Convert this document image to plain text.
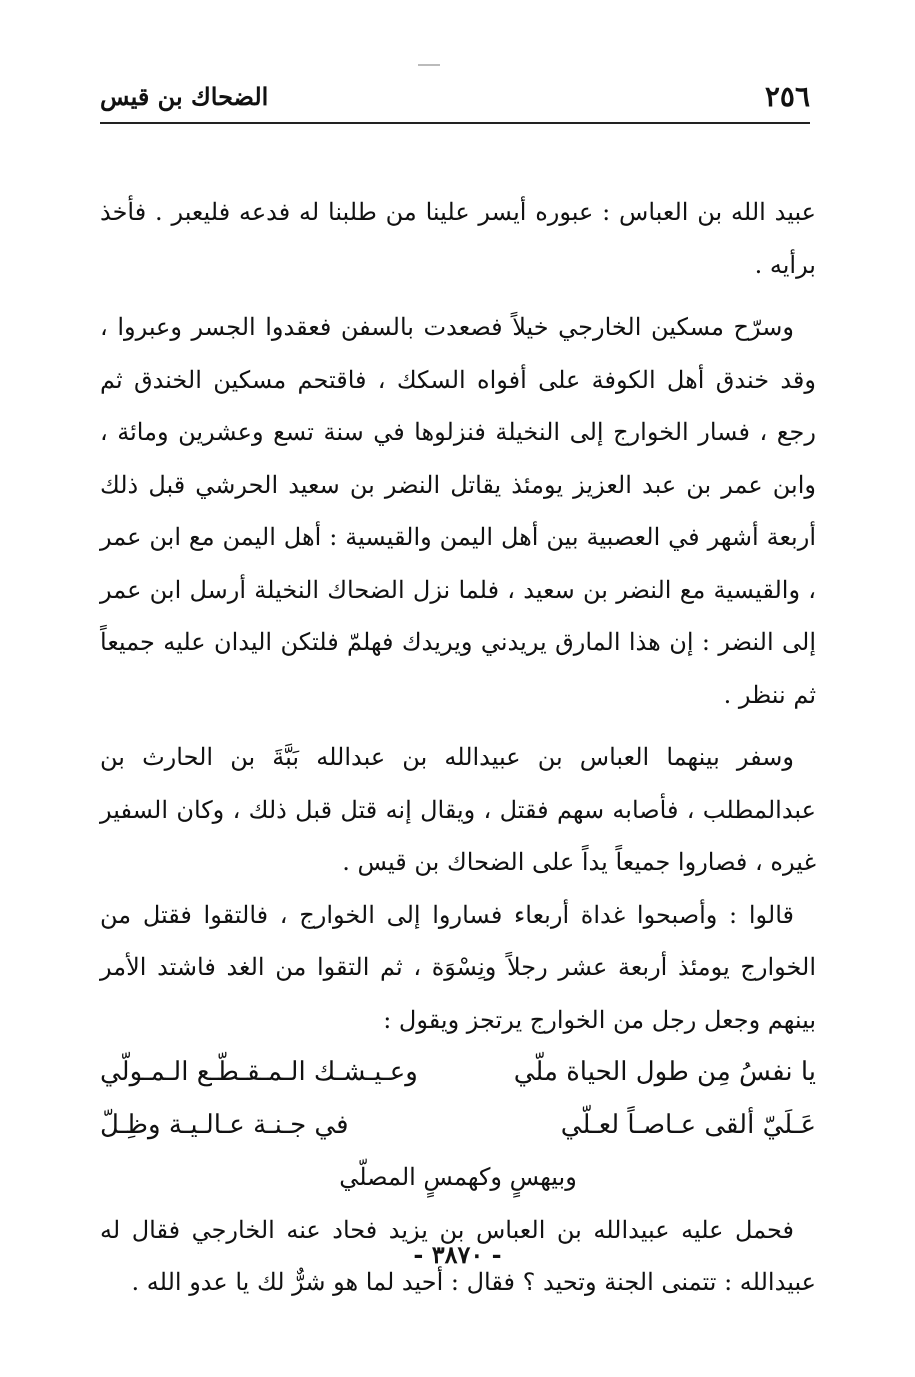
٢٥٦
الضحاك بن قيس

عبيد الله بن العباس : عبوره أيسر علينا من طلبنا له فدعه فليعبر . فأخذ برأيه .

وسرّح مسكين الخارجي خيلاً فصعدت بالسفن فعقدوا الجسر وعبروا ، وقد خندق أهل الكوفة على أفواه السكك ، فاقتحم مسكين الخندق ثم رجع ، فسار الخوارج إلى النخيلة فنزلوها في سنة تسع وعشرين ومائة ، وابن عمر بن عبد العزيز يومئذ يقاتل النضر بن سعيد الحرشي قبل ذلك أربعة أشهر في العصبية بين أهل اليمن والقيسية : أهل اليمن مع ابن عمر ، والقيسية مع النضر بن سعيد ، فلما نزل الضحاك النخيلة أرسل ابن عمر إلى النضر : إن هذا المارق يريدني ويريدك فهلمّ فلتكن اليدان عليه جميعاً ثم ننظر .

وسفر بينهما العباس بن عبيدالله بن عبدالله بَبَّةَ بن الحارث بن عبدالمطلب ، فأصابه سهم فقتل ، ويقال إنه قتل قبل ذلك ، وكان السفير غيره ، فصاروا جميعاً يداً على الضحاك بن قيس .

قالوا : وأصبحوا غداة أربعاء فساروا إلى الخوارج ، فالتقوا فقتل من الخوارج يومئذ أربعة عشر رجلاً ونِسْوَة ، ثم التقوا من الغد فاشتد الأمر بينهم وجعل رجل من الخوارج يرتجز ويقول :

يا نفسُ مِن طول الحياة ملّي
وعـيـشـك الـمـقـطّـع الـمـولّي
عَـلَيّ ألقى عـاصـاً لعـلّي
في جـنـة عـالـيـة وظِـلّ
وبيهسٍ وكهمسٍ المصلّي

فحمل عليه عبيدالله بن العباس بن يزيد فحاد عنه الخارجي فقال له عبيدالله : تتمنى الجنة وتحيد ؟ فقال : أحيد لما هو شرٌّ لك يا عدو الله .

- ٣٨٧٠ -
